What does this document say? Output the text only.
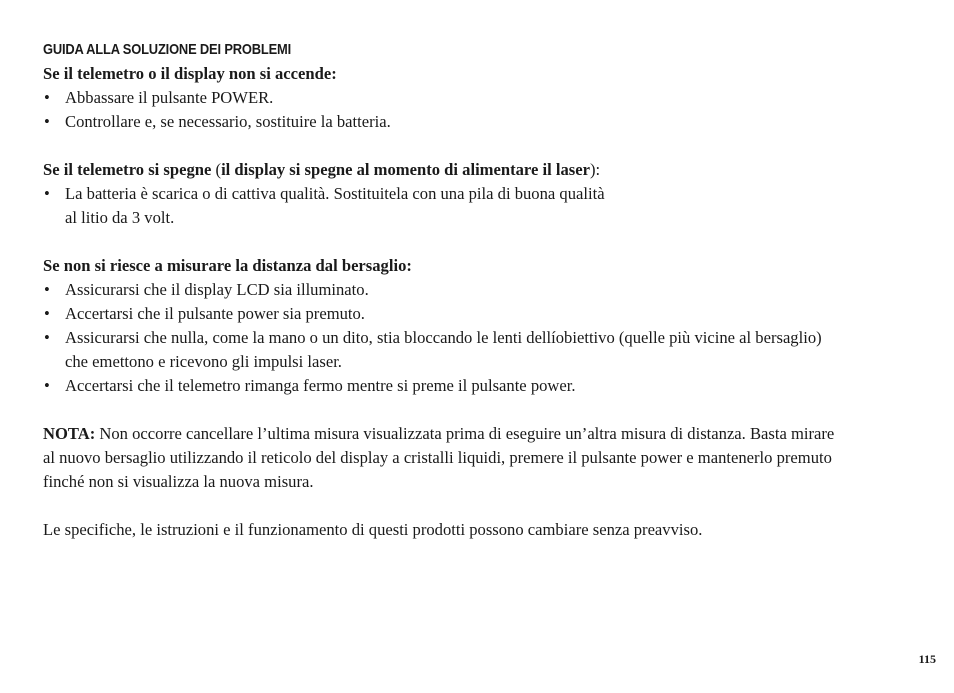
GUIDA ALLA SOLUZIONE DEI PROBLEMI

Se il telemetro o il display non si accende:

• Abbassare il pulsante POWER.
• Controllare e, se necessario, sostituire la batteria.

Se il telemetro si spegne (il display si spegne al momento di alimentare il laser):

• La batteria è scarica o di cattiva qualità. Sostituitela con una pila di buona qualità
al litio da 3 volt.

Se non si riesce a misurare la distanza dal bersaglio:

• Assicurarsi che il display LCD sia illuminato.
• Accertarsi che il pulsante power sia premuto.
• Assicurarsi che nulla, come la mano o un dito, stia bloccando le lenti dellíobiettivo (quelle più vicine al bersaglio)
che emettono e ricevono gli impulsi laser.
• Accertarsi che il telemetro rimanga fermo mentre si preme il pulsante power.

NOTA: Non occorre cancellare l’ultima misura visualizzata prima di eseguire un’altra misura di distanza. Basta mirare

al nuovo bersaglio utilizzando il reticolo del display a cristalli liquidi, premere il pulsante power e mantenerlo premuto

finché non si visualizza la nuova misura.

Le specifiche, le istruzioni e il funzionamento di questi prodotti possono cambiare senza preavviso.

115
